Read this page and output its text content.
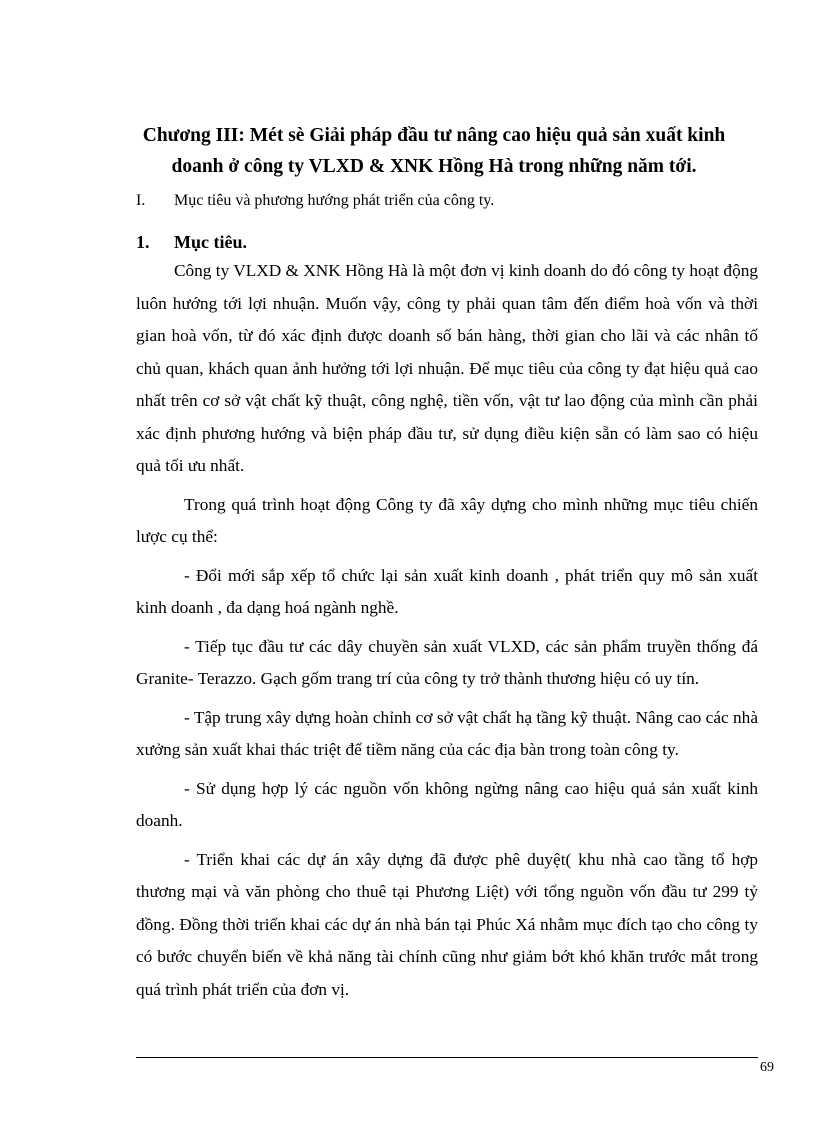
Chương III: Mét sè Giải pháp đầu tư nâng cao hiệu quả sản xuất kinh
doanh ở công ty VLXD & XNK Hồng Hà trong những năm tới.
I. Mục tiêu và phương hướng phát triển của công ty.
1. Mục tiêu.

Công ty VLXD & XNK Hồng Hà là một đơn vị kinh doanh do đó công ty hoạt động luôn hướng tới lợi nhuận. Muốn vậy, công ty phải quan tâm đến điểm hoà vốn và thời gian hoà vốn, từ đó xác định được doanh số bán hàng, thời gian cho lãi và các nhân tố chủ quan, khách quan ảnh hưởng tới lợi nhuận. Để mục tiêu của công ty đạt hiệu quả cao nhất trên cơ sở vật chất kỹ thuật, công nghệ, tiền vốn, vật tư lao động của mình cần phải xác định phương hướng và biện pháp đầu tư, sử dụng điều kiện sẵn có làm sao có hiệu quả tối ưu nhất.

Trong quá trình hoạt động Công ty đã xây dựng cho mình những mục tiêu chiến lược cụ thể:

- Đổi mới sắp xếp tổ chức lại sản xuất kinh doanh , phát triển quy mô sản xuất kinh doanh , đa dạng hoá ngành nghề.

- Tiếp tục đầu tư các dây chuyền sản xuất VLXD, các sản phẩm truyền thống đá Granite- Terazzo. Gạch gốm trang trí của công ty trở thành thương hiệu có uy tín.

- Tập trung xây dựng hoàn chỉnh cơ sở vật chất hạ tầng kỹ thuật. Nâng cao các nhà xưởng sản xuất khai thác triệt để tiềm năng của các địa bàn trong toàn công ty.

- Sử dụng hợp lý các nguồn vốn không ngừng nâng cao hiệu quả sản xuất kinh doanh.

- Triển khai các dự án xây dựng đã được phê duyệt( khu nhà cao tầng tổ hợp thương mại và văn phòng cho thuê tại Phương Liệt) với tổng nguồn vốn đầu tư 299 tỷ đồng. Đồng thời triển khai các dự án nhà bán tại Phúc Xá nhằm mục đích tạo cho công ty có bước chuyển biến về khả năng tài chính cũng như giảm bớt khó khăn trước mắt trong quá trình phát triển của đơn vị.

69
